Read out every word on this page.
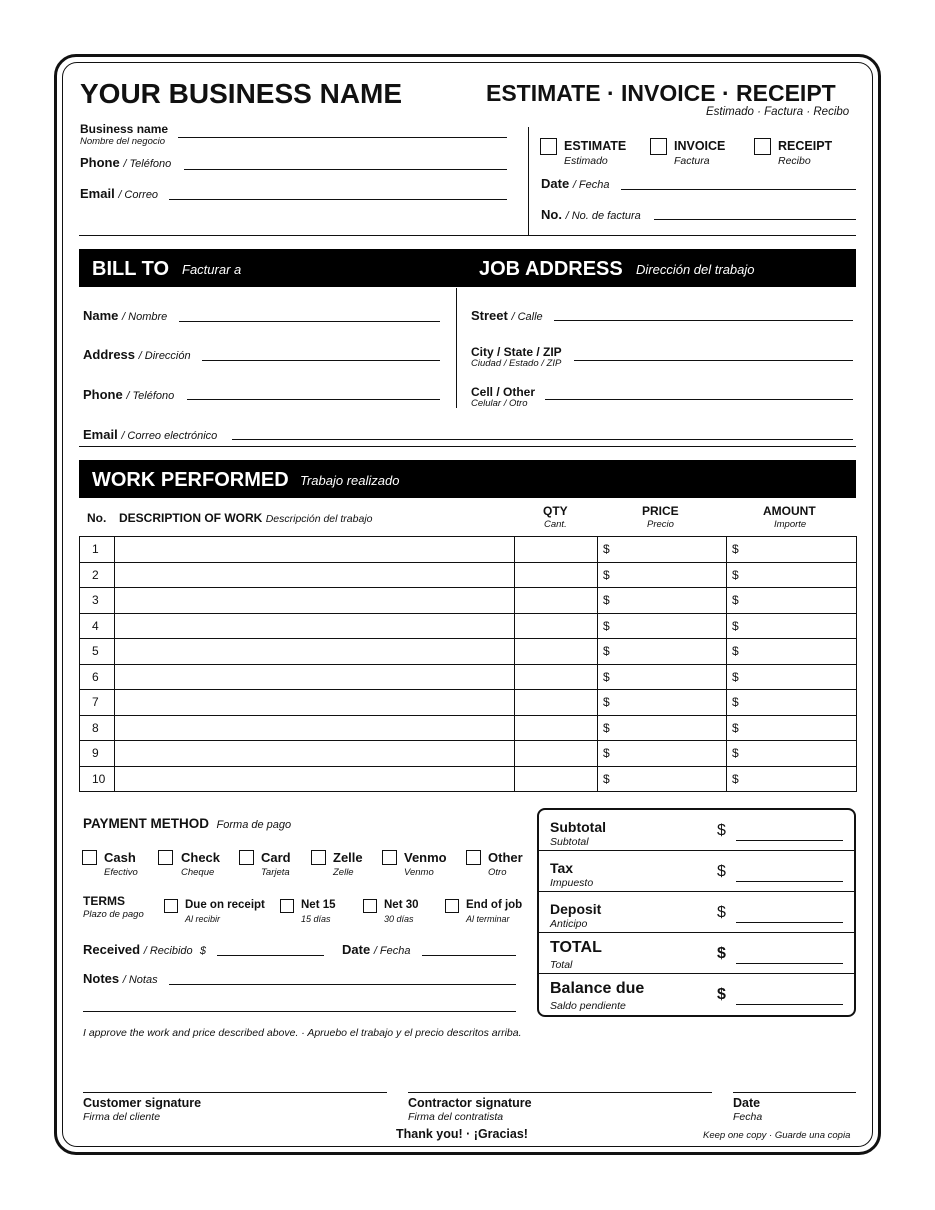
YOUR BUSINESS NAME	ESTIMATE · INVOICE · RECEIPT
Estimado · Factura · Recibo
Business name
Nombre del negocio
Phone / Teléfono
Email / Correo
ESTIMATE
Estimado
INVOICE
Factura
RECEIPT
Recibo
Date / Fecha
No. / No. de factura
BILL TO Facturar a	JOB ADDRESS Dirección del trabajo
Name / Nombre
Address / Dirección
Phone / Teléfono
Street / Calle
City / State / ZIP
Ciudad / Estado / ZIP
Cell / Other
Celular / Otro
Email / Correo electrónico
WORK PERFORMED Trabajo realizado
No. DESCRIPTION OF WORK Descripción del trabajo
QTY
Cant.
PRICE
Precio
AMOUNT
Importe
1			$	$
2			$	$
3			$	$
4			$	$
5			$	$
6			$	$
7			$	$
8			$	$
9			$	$
10			$	$
PAYMENT METHOD Forma de pago
Cash
Efectivo
Check
Cheque
Card
Tarjeta
Zelle
Zelle
Venmo
Venmo
Other
Otro
TERMS
Plazo de pago
Due on receipt
Al recibir
Net 15
15 días
Net 30
30 días
End of job
Al terminar
Received / Recibido $	Date / Fecha
Notes / Notas
Subtotal
Subtotal
$
Tax
Impuesto
$
Deposit
Anticipo
$
TOTAL
Total
$
Balance due
Saldo pendiente
$
I approve the work and price described above. · Apruebo el trabajo y el precio descritos arriba.
Customer signature
Firma del cliente
Contractor signature
Firma del contratista
Date
Fecha
Thank you! · ¡Gracias!	Keep one copy · Guarde una copia
